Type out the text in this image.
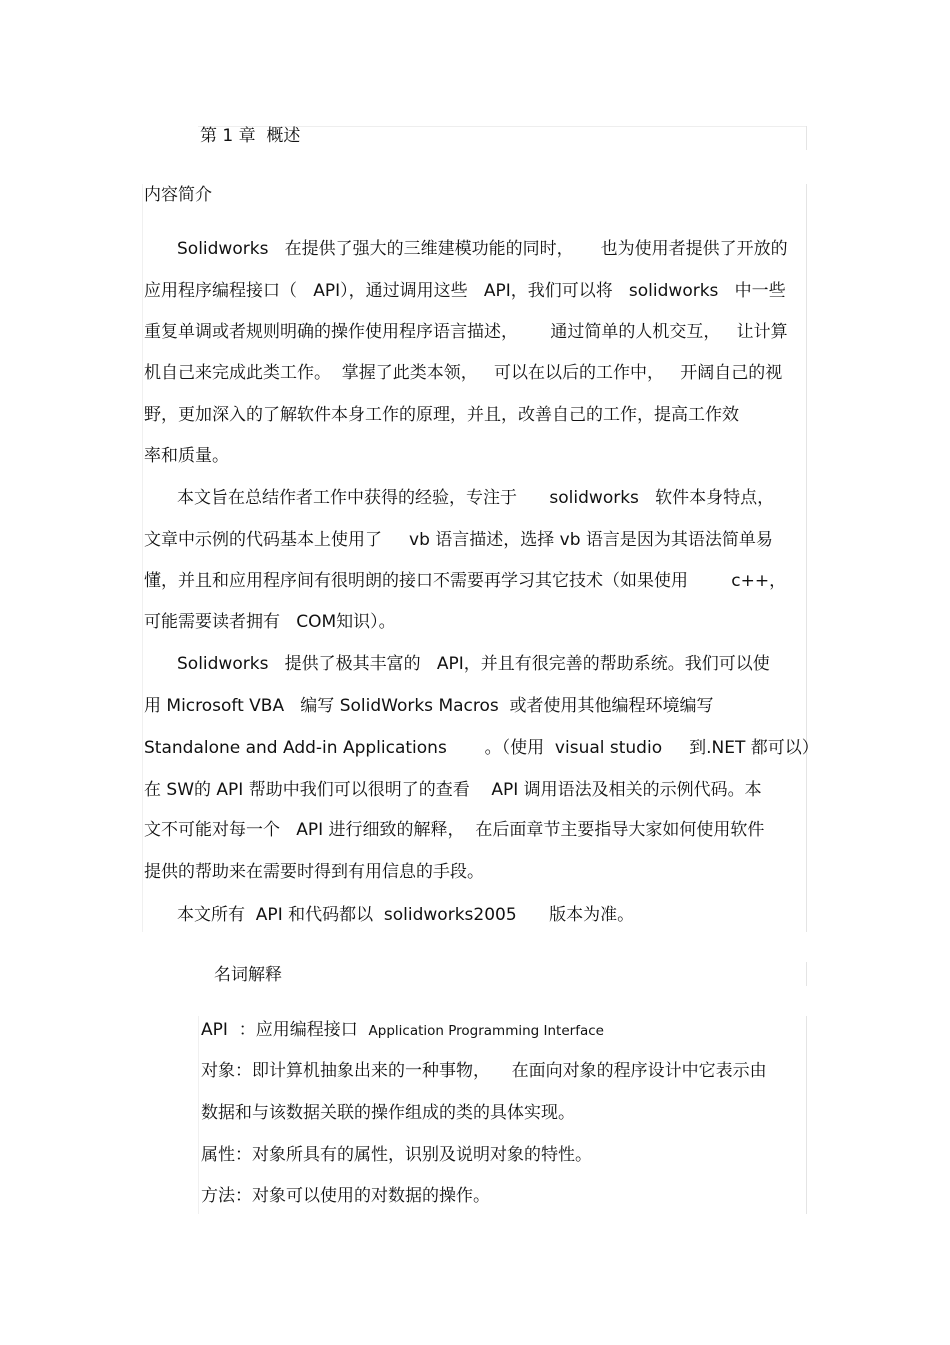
第 1 章  概述
内容简介
Solidworks   在提供了强大的三维建模功能的同时，     也为使用者提供了开放的
应用程序编程接口（   API），通过调用这些   API，我们可以将   solidworks   中一些
重复单调或者规则明确的操作使用程序语言描述，      通过简单的人机交互，   让计算
机自己来完成此类工作。  掌握了此类本领，   可以在以后的工作中，   开阔自己的视
野，更加深入的了解软件本身工作的原理，并且，改善自己的工作，提高工作效
率和质量。
本文旨在总结作者工作中获得的经验，专注于      solidworks   软件本身特点，
文章中示例的代码基本上使用了     vb 语言描述，选择 vb 语言是因为其语法简单易
懂，并且和应用程序间有很明朗的接口不需要再学习其它技术（如果使用        c++，
可能需要读者拥有   COM知识）。
Solidworks   提供了极其丰富的   API，并且有很完善的帮助系统。我们可以使
用 Microsoft VBA   编写 SolidWorks Macros  或者使用其他编程环境编写
Standalone and Add-in Applications       。（使用  visual studio     到.NET 都可以）
在 SW的 API 帮助中我们可以很明了的查看    API 调用语法及相关的示例代码。本
文不可能对每一个   API 进行细致的解释，  在后面章节主要指导大家如何使用软件
提供的帮助来在需要时得到有用信息的手段。
本文所有  API 和代码都以  solidworks2005      版本为准。
名词解释
API  ：应用编程接口 Application Programming Interface
对象：即计算机抽象出来的一种事物，    在面向对象的程序设计中它表示由
数据和与该数据关联的操作组成的类的具体实现。
属性：对象所具有的属性，识别及说明对象的特性。
方法：对象可以使用的对数据的操作。
